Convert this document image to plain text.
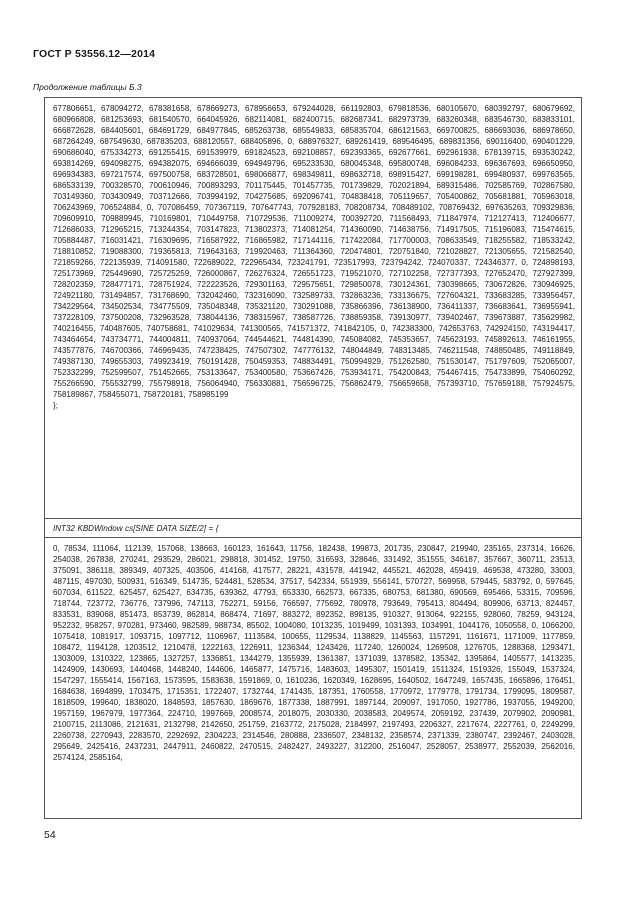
ГОСТ Р 53556.12—2014
Продолжение таблицы Б.3
677806651, 678094272, 678381658, 678669273, 678956653, 679244028, 661192803, 679818536, 680105670, 680392797, 680679692, 680966808, 681253693, 681540570, 664045926, 682114081, 682400715, 682687341, 682973739, 683260348, 683546730, 683833101, 666872628, 684405601, 684691729, 684977845, 685263738, 685549833, 685835704, 686121563, 669700825, 686693036, 686978650, 687264249, 687549630, 687835203, 688120557, 688405896, 0, 688976327, 689261419, 689546495, 689831356, 690116400, 690401229, 690686040, 675334273, 691255415, 691539979, 691824523, 692108857, 692393365, 692677661, 692961938, 678139715, 693530242, 693814269, 694098275, 694382075, 694666039, 694949796, 695233530, 680045348, 695800748, 696084233, 696367693, 696650950, 696934383, 697217574, 697500758, 683728501, 698066877, 698349811, 698632718, 698915427, 699198281, 699480937, 699763565, 686533139, 700328570, 700610946, 700893293, 701175445, 701457735, 701739829, 702021894, 689315486, 702585769, 702867580, 703149360, 703430949, 703712666, 703994192, 704275685, 692096741, 704838418, 705119657, 705400862, 705681881, 705963018, 706243969, 706524884, 0, 707086459, 707367119, 707647743, 707928183, 708208734, 708489102, 708769432, 697635263, 709329836, 709609910, 709889945, 710169801, 710449758, 710729536, 711009274, 700392720, 711568493, 711847974, 712127413, 712406677, 712686033, 712965215, 713244354, 703147823, 713802373, 714081254, 714360090, 714638756, 714917505, 715196083, 715474615, 705884487, 716031421, 716309695, 716587922, 716865982, 717144116, 717422084, 717700003, 708633549, 718255582, 718533242, 718810852, 719088300, 719365813, 719643163, 719920463, 711364360, 720474801, 720751840, 721028827, 721305655, 721582540, 721859266, 722135939, 714091580, 722689022, 722965434, 723241791, 723517993, 723794242, 724070337, 724346377, 0, 724898193, 725173969, 725449690, 725725259, 726000867, 726276324, 726551723, 719521070, 727102258, 727377393, 727652470, 727927399, 728202359, 728477171, 728751924, 722223526, 729301163, 729575651, 729850078, 730124361, 730398665, 730672826, 730946925, 724921180, 731494857, 731768690, 732042460, 732316090, 732589733, 732863236, 733136675, 727604321, 733683285, 733956457, 734229564, 734502534, 734775509, 735048348, 735321120, 730291088, 735866396, 736138900, 736411337, 736683641, 736955941, 737228109, 737500208, 732963528, 738044136, 738315967, 738587726, 738859358, 739130977, 739402467, 739673887, 735629982, 740216455, 740487605, 740758681, 741029634, 741300565, 741571372, 741842105, 0, 742383300, 742653763, 742924150, 743194417, 743464654, 743734771, 744004811, 740937064, 744544621, 744814390, 745084082, 745353657, 745623193, 745892613, 746161955, 743577876, 746700366, 746969435, 747238425, 747507302, 747776132, 748044849, 748313485, 746211548, 748850485, 749118849, 749387130, 749655303, 749923419, 750191428, 750459353, 748834491, 750994929, 751262580, 751530147, 751797609, 752065007, 752332299, 752599507, 751452665, 753133647, 753400580, 753667426, 753934171, 754200843, 754467415, 754733899, 754060292, 755266590, 755532799, 755798918, 756064940, 756330881, 756596725, 756862479, 756659658, 757393710, 757659188, 757924575, 758189867, 758455071, 758720181, 758985199
};
INT32 KBDWindow cs[SINE DATA SIZE/2] = {
0, 78534, 111064, 112139, 157068, 138663, 160123, 161643, 11756, 182438, 199873, 201735, 230847, 219940, 235165, 237314, 16626, 254038, 267838, 270241, 293529, 286021, 298818, 301452, 19750, 316593, 328646, 331492, 351555, 346187, 357667, 360711, 23513, 375091, 386118, 389349, 407325, 403506, 414168, 417577, 28221, 431578, 441942, 445521, 462028, 459419, 469538, 473280, 33003, 487115, 497030, 500931, 516349, 514735, 524481, 528534, 37517, 542334, 551939, 556141, 570727, 569958, 579445, 583792, 0, 597645, 607034, 611522, 625457, 625427, 634735, 639362, 47793, 653330, 662573, 667335, 680753, 681380, 690569, 695466, 53315, 709596, 718744, 723772, 736776, 737996, 747113, 752271, 59156, 766597, 775692, 780978, 793649, 795413, 804494, 809906, 63713, 824457, 833531, 839068, 851473, 853739, 862814, 868474, 71697, 883272, 892352, 898135, 910327, 913064, 922155, 928060, 78259, 943124, 952232, 958257, 970281, 973460, 982589, 988734, 85502, 1004080, 1013235, 1019499, 1031393, 1034991, 1044176, 1050558, 0, 1066200, 1075418, 1081917, 1093715, 1097712, 1106967, 1113584, 100655, 1129534, 1138829, 1145563, 1157291, 1161671, 1171009, 1177859, 108472, 1194128, 1203512, 1210478, 1222163, 1226911, 1236344, 1243426, 117240, 1260024, 1269508, 1276705, 1288368, 1293471, 1303009, 1310322, 123865, 1327257, 1336851, 1344279, 1355939, 1361387, 1371039, 1378582, 135342, 1395864, 1405577, 1413235, 1424909, 1430693, 1440468, 1448240, 144606, 1465877, 1475716, 1483603, 1495307, 1501419, 1511324, 1519326, 155049, 1537324, 1547297, 1555414, 1567163, 1573595, 1583638, 1591869, 0, 1610236, 1620349, 1628695, 1640502, 1647249, 1657435, 1665896, 176451, 1684638, 1694899, 1703475, 1715351, 1722407, 1732744, 1741435, 187351, 1760558, 1770972, 1779778, 1791734, 1799095, 1809587, 1818509, 199640, 1838020, 1848593, 1857630, 1869676, 1877338, 1887991, 1897144, 209097, 1917050, 1927786, 1937055, 1949200, 1957159, 1967979, 1977364, 224710, 1997669, 2008574, 2018075, 2030330, 2038583, 2049574, 2059192, 237439, 2079902, 2090981, 2100715, 2113086, 2121631, 2132798, 2142650, 251759, 2163772, 2175028, 2184997, 2197493, 2206327, 2217674, 2227761, 0, 2249299, 2260738, 2270943, 2283570, 2292692, 2304223, 2314546, 280888, 2336507, 2348132, 2358574, 2371339, 2380747, 2392467, 2403028, 295649, 2425416, 2437231, 2447911, 2460822, 2470515, 2482427, 2493227, 312200, 2516047, 2528057, 2538977, 2552039, 2562016, 2574124, 2585164,
54
